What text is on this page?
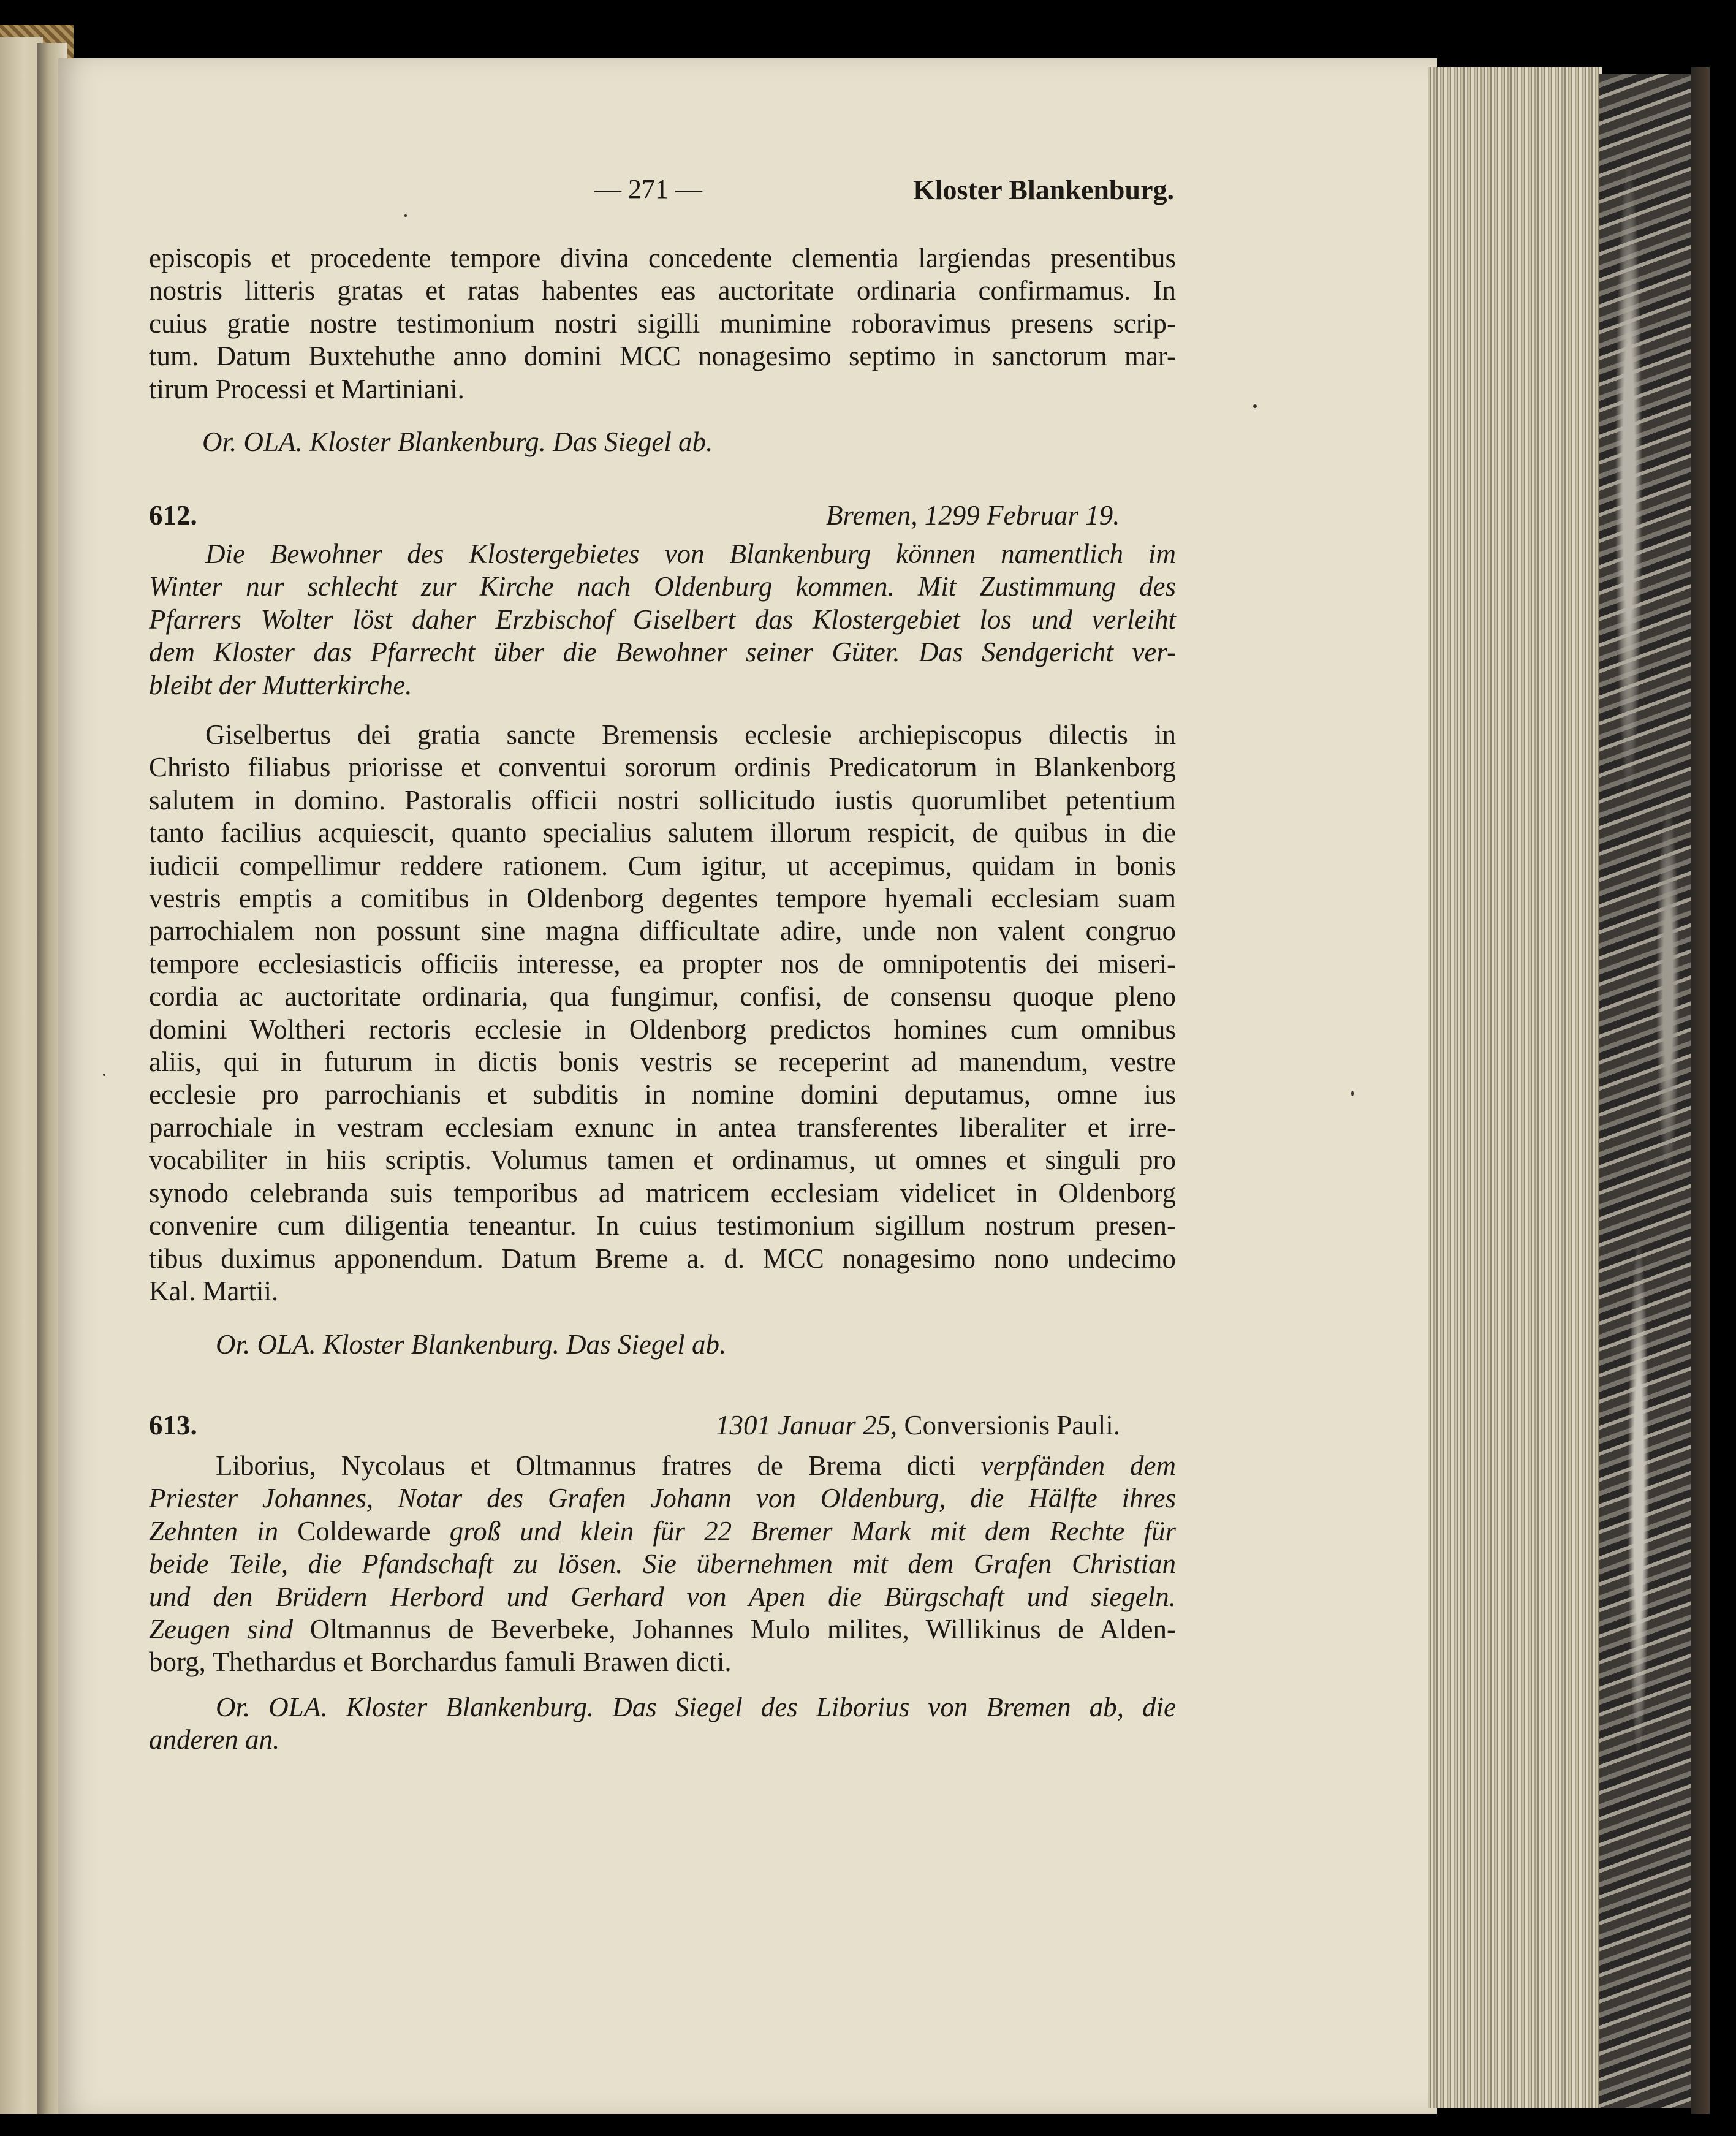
— 271 —	Kloster Blankenburg.
episcopis et procedente tempore divina concedente clementia largiendas presentibus
nostris litteris gratas et ratas habentes eas auctoritate ordinaria confirmamus. In
cuius gratie nostre testimonium nostri sigilli munimine roboravimus presens scrip-
tum. Datum Buxtehuthe anno domini MCC nonagesimo septimo in sanctorum mar-
tirum Processi et Martiniani.
Or. OLA. Kloster Blankenburg. Das Siegel ab.
612.	Bremen, 1299 Februar 19.
Die Bewohner des Klostergebietes von Blankenburg können namentlich im
Winter nur schlecht zur Kirche nach Oldenburg kommen. Mit Zustimmung des
Pfarrers Wolter löst daher Erzbischof Giselbert das Klostergebiet los und verleiht
dem Kloster das Pfarrecht über die Bewohner seiner Güter. Das Sendgericht ver-
bleibt der Mutterkirche.
Giselbertus dei gratia sancte Bremensis ecclesie archiepiscopus dilectis in
Christo filiabus priorisse et conventui sororum ordinis Predicatorum in Blankenborg
salutem in domino. Pastoralis officii nostri sollicitudo iustis quorumlibet petentium
tanto facilius acquiescit, quanto specialius salutem illorum respicit, de quibus in die
iudicii compellimur reddere rationem. Cum igitur, ut accepimus, quidam in bonis
vestris emptis a comitibus in Oldenborg degentes tempore hyemali ecclesiam suam
parrochialem non possunt sine magna difficultate adire, unde non valent congruo
tempore ecclesiasticis officiis interesse, ea propter nos de omnipotentis dei miseri-
cordia ac auctoritate ordinaria, qua fungimur, confisi, de consensu quoque pleno
domini Woltheri rectoris ecclesie in Oldenborg predictos homines cum omnibus
aliis, qui in futurum in dictis bonis vestris se receperint ad manendum, vestre
ecclesie pro parrochianis et subditis in nomine domini deputamus, omne ius
parrochiale in vestram ecclesiam exnunc in antea transferentes liberaliter et irre-
vocabiliter in hiis scriptis. Volumus tamen et ordinamus, ut omnes et singuli pro
synodo celebranda suis temporibus ad matricem ecclesiam videlicet in Oldenborg
convenire cum diligentia teneantur. In cuius testimonium sigillum nostrum presen-
tibus duximus apponendum. Datum Breme a. d. MCC nonagesimo nono undecimo
Kal. Martii.
Or. OLA. Kloster Blankenburg. Das Siegel ab.
613.	1301 Januar 25, Conversionis Pauli.
Liborius, Nycolaus et Oltmannus fratres de Brema dicti verpfänden dem
Priester Johannes, Notar des Grafen Johann von Oldenburg, die Hälfte ihres
Zehnten in Coldewarde groß und klein für 22 Bremer Mark mit dem Rechte für
beide Teile, die Pfandschaft zu lösen. Sie übernehmen mit dem Grafen Christian
und den Brüdern Herbord und Gerhard von Apen die Bürgschaft und siegeln.
Zeugen sind Oltmannus de Beverbeke, Johannes Mulo milites, Willikinus de Alden-
borg, Thethardus et Borchardus famuli Brawen dicti.
Or. OLA. Kloster Blankenburg. Das Siegel des Liborius von Bremen ab, die
anderen an.
